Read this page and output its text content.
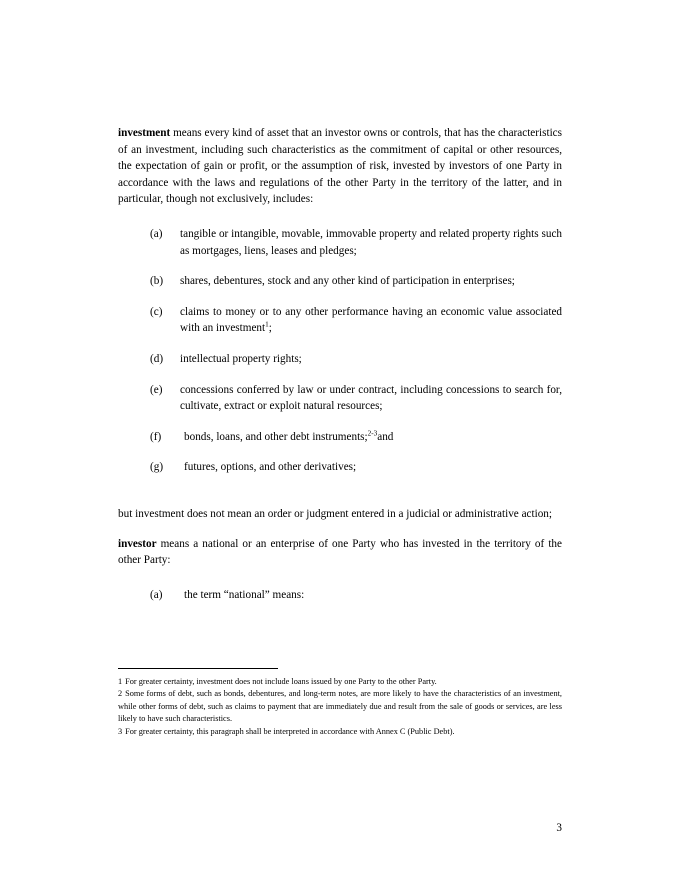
investment means every kind of asset that an investor owns or controls, that has the characteristics of an investment, including such characteristics as the commitment of capital or other resources, the expectation of gain or profit, or the assumption of risk, invested by investors of one Party in accordance with the laws and regulations of the other Party in the territory of the latter, and in particular, though not exclusively, includes:

(a) tangible or intangible, movable, immovable property and related property rights such as mortgages, liens, leases and pledges;
(b) shares, debentures, stock and any other kind of participation in enterprises;
(c) claims to money or to any other performance having an economic value associated with an investment$^1$;
(d) intellectual property rights;
(e) concessions conferred by law or under contract, including concessions to search for, cultivate, extract or exploit natural resources;
(f)	bonds, loans, and other debt instruments;$^{2-3}$and
(g)	futures, options, and other derivatives;

but investment does not mean an order or judgment entered in a judicial or administrative action;

investor means a national or an enterprise of one Party who has invested in the territory of the other Party:

(a)	the term “national” means:

1 For greater certainty, investment does not include loans issued by one Party to the other Party.

2 Some forms of debt, such as bonds, debentures, and long-term notes, are more likely to have the characteristics of an investment, while other forms of debt, such as claims to payment that are immediately due and result from the sale of goods or services, are less likely to have such characteristics.

3 For greater certainty, this paragraph shall be interpreted in accordance with Annex C (Public Debt).

3
